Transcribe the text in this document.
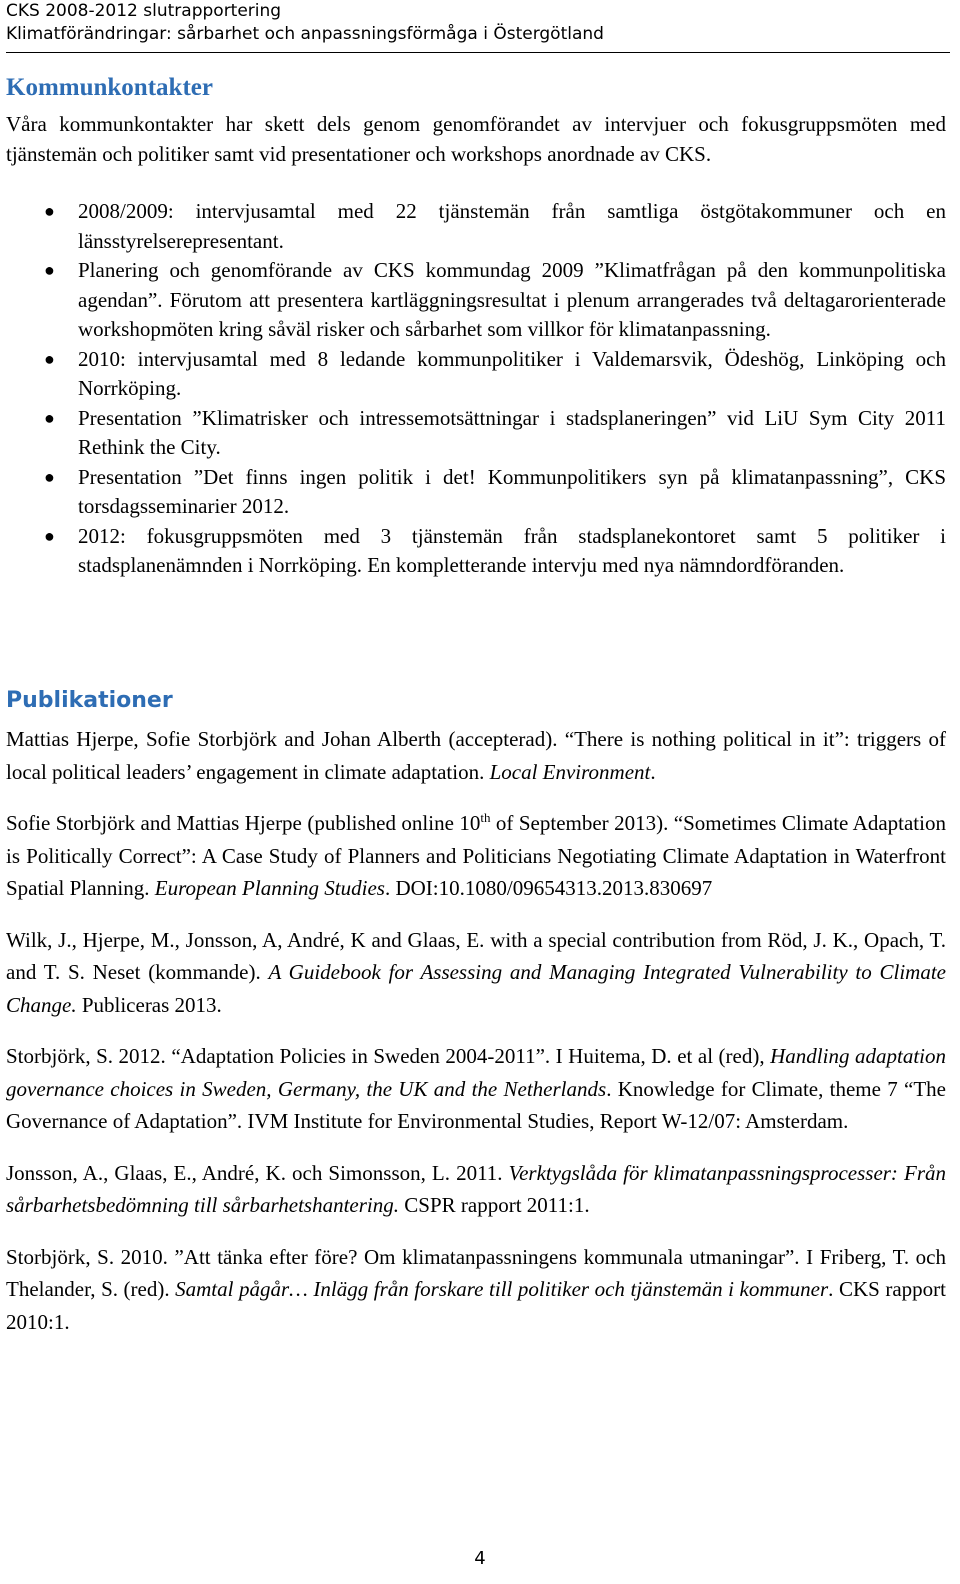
CKS 2008-2012 slutrapportering
Klimatförändringar: sårbarhet och anpassningsförmåga i Östergötland
Kommunkontakter
Våra kommunkontakter har skett dels genom genomförandet av intervjuer och fokusgruppsmöten med tjänstemän och politiker samt vid presentationer och workshops anordnade av CKS.
● 2008/2009: intervjusamtal med 22 tjänstemän från samtliga östgötakommuner och en länsstyrelserepresentant.
● Planering och genomförande av CKS kommundag 2009 ”Klimatfrågan på den kommunpolitiska agendan”. Förutom att presentera kartläggningsresultat i plenum arrangerades två deltagarorienterade workshopmöten kring såväl risker och sårbarhet som villkor för klimatanpassning.
● 2010: intervjusamtal med 8 ledande kommunpolitiker i Valdemarsvik, Ödeshög, Linköping och Norrköping.
● Presentation ”Klimatrisker och intressemotsättningar i stadsplaneringen” vid LiU Sym City 2011 Rethink the City.
● Presentation ”Det finns ingen politik i det! Kommunpolitikers syn på klimatanpassning”, CKS torsdagsseminarier 2012.
● 2012: fokusgruppsmöten med 3 tjänstemän från stadsplanekontoret samt 5 politiker i stadsplanenämnden i Norrköping. En kompletterande intervju med nya nämndordföranden.
Publikationer

Mattias Hjerpe, Sofie Storbjörk and Johan Alberth (accepterad). “There is nothing political in it”: triggers of local political leaders’ engagement in climate adaptation. Local Environment.

Sofie Storbjörk and Mattias Hjerpe (published online 10th of September 2013). “Sometimes Climate Adaptation is Politically Correct”: A Case Study of Planners and Politicians Negotiating Climate Adaptation in Waterfront Spatial Planning. European Planning Studies. DOI:10.1080/09654313.2013.830697

Wilk, J., Hjerpe, M., Jonsson, A, André, K and Glaas, E. with a special contribution from Röd, J. K., Opach, T. and T. S. Neset (kommande). A Guidebook for Assessing and Managing Integrated Vulnerability to Climate Change. Publiceras 2013.

Storbjörk, S. 2012. “Adaptation Policies in Sweden 2004-2011”. I Huitema, D. et al (red), Handling adaptation governance choices in Sweden, Germany, the UK and the Netherlands. Knowledge for Climate, theme 7 “The Governance of Adaptation”. IVM Institute for Environmental Studies, Report W-12/07: Amsterdam.

Jonsson, A., Glaas, E., André, K. och Simonsson, L. 2011. Verktygslåda för klimatanpassningsprocesser: Från sårbarhetsbedömning till sårbarhetshantering. CSPR rapport 2011:1.

Storbjörk, S. 2010. ”Att tänka efter före? Om klimatanpassningens kommunala utmaningar”. I Friberg, T. och Thelander, S. (red). Samtal pågår… Inlägg från forskare till politiker och tjänstemän i kommuner. CKS rapport 2010:1.

4
